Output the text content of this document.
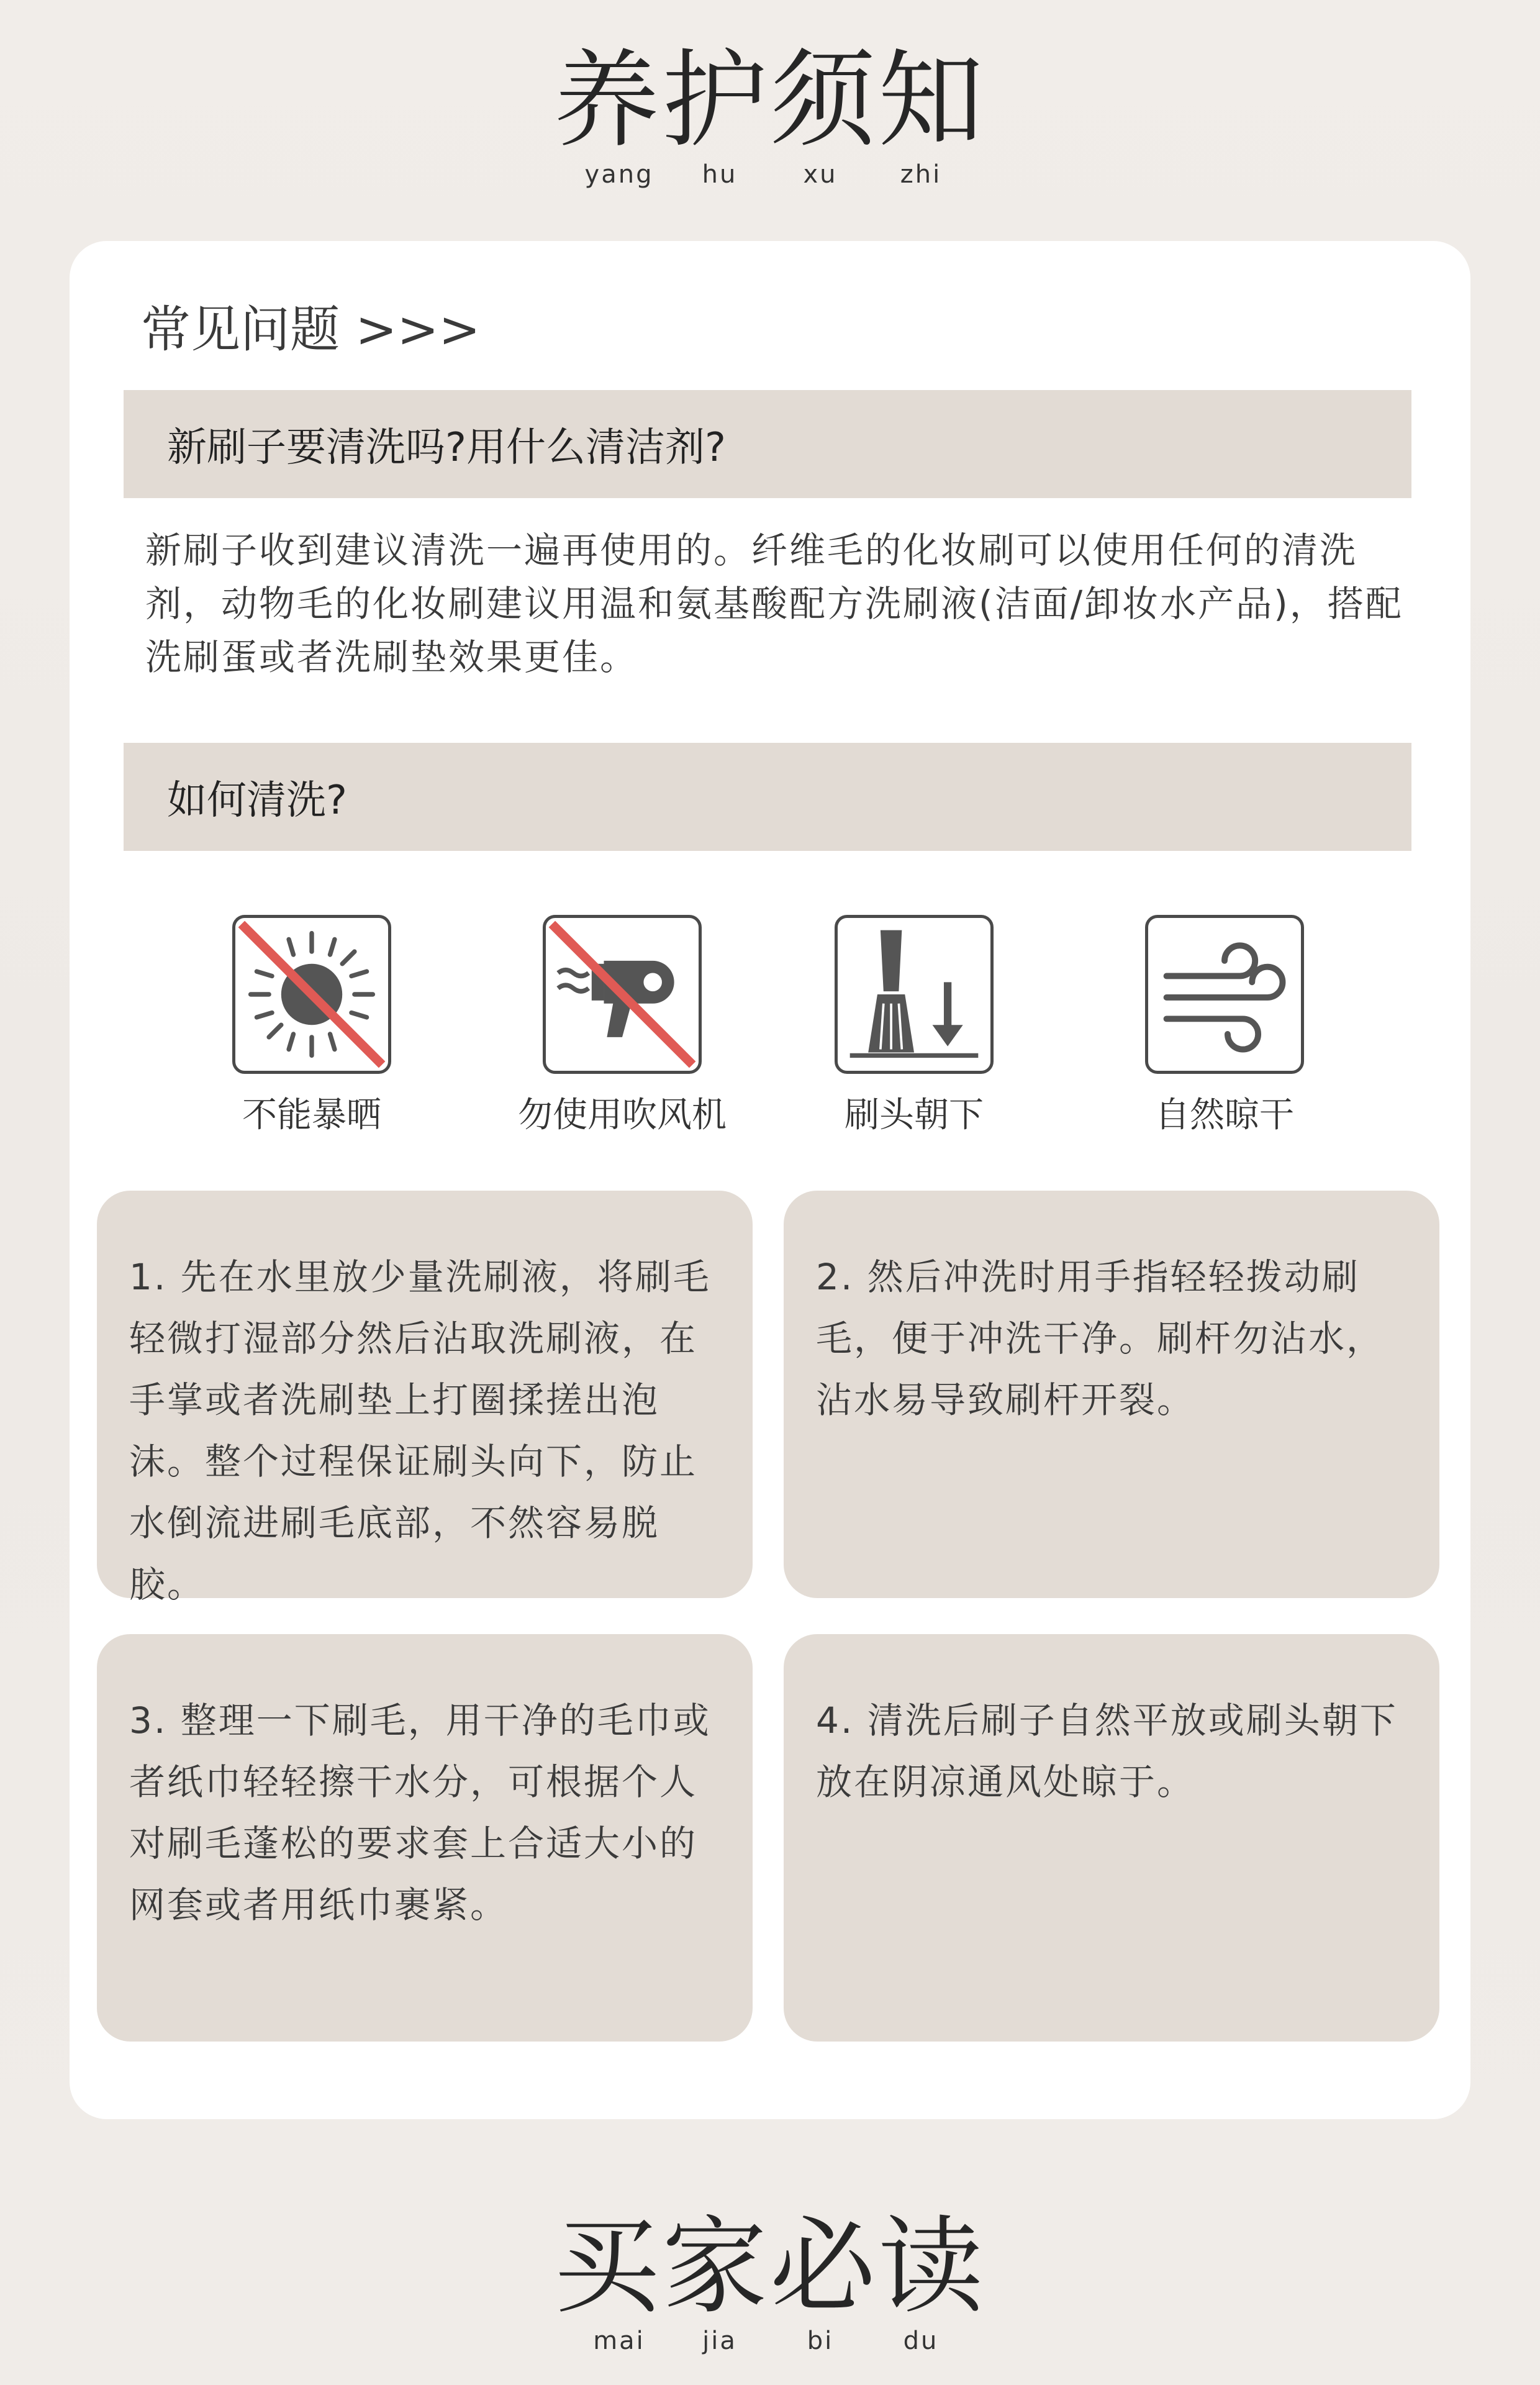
养护须知
yang	hu	xu	zhi
常见问题 >>>
新刷子要清洗吗?用什么清洁剂?
新刷子收到建议清洗一遍再使用的。纤维毛的化妆刷可以使用任何的清洗剂，动物毛的化妆刷建议用温和氨基酸配方洗刷液(洁面/卸妆水产品)，搭配洗刷蛋或者洗刷垫效果更佳。
如何清洗?
不能暴晒	勿使用吹风机	刷头朝下	自然晾干

1. 先在水里放少量洗刷液，将刷毛轻微打湿部分然后沾取洗刷液，在手掌或者洗刷垫上打圈揉搓出泡沫。整个过程保证刷头向下，防止水倒流进刷毛底部，不然容易脱胶。

2. 然后冲洗时用手指轻轻拨动刷毛，便于冲洗干净。刷杆勿沾水，沾水易导致刷杆开裂。

3. 整理一下刷毛，用干净的毛巾或者纸巾轻轻擦干水分，可根据个人对刷毛蓬松的要求套上合适大小的网套或者用纸巾裹紧。

4. 清洗后刷子自然平放或刷头朝下放在阴凉通风处晾于。

买家必读
mai	jia	bi	du
